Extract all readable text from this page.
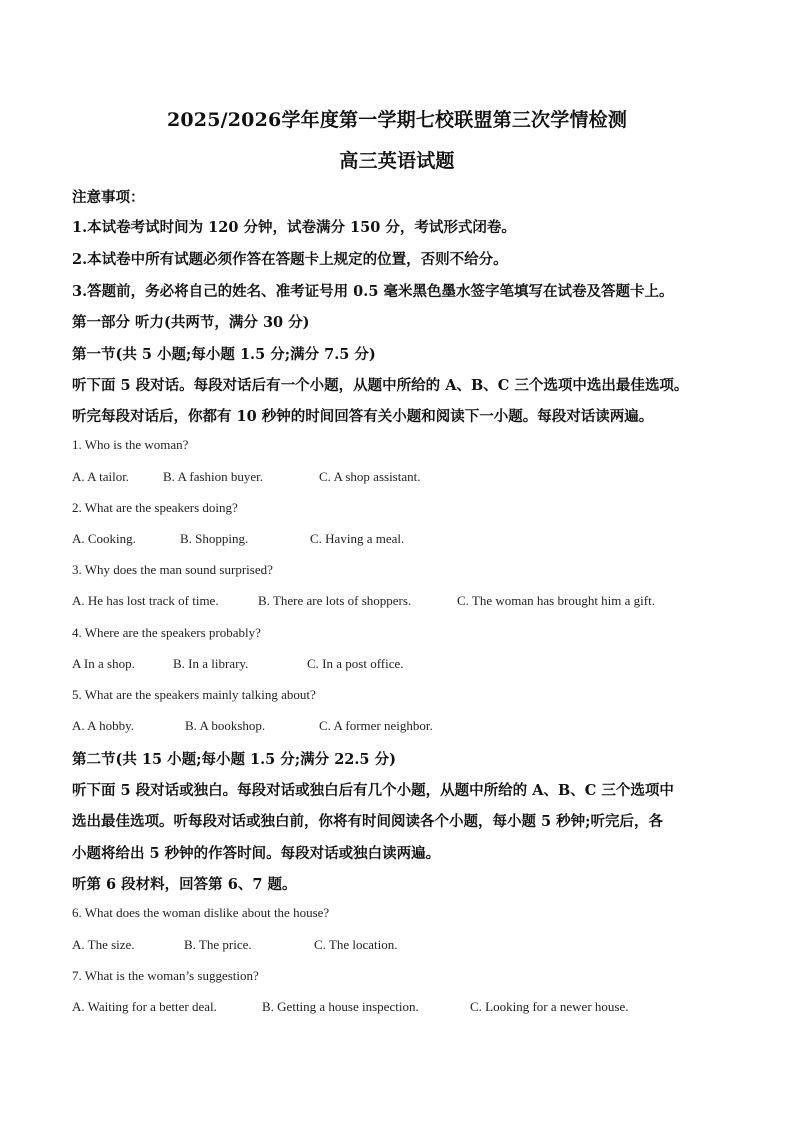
2025/2026学年度第一学期七校联盟第三次学情检测
高三英语试题
注意事项：
1.本试卷考试时间为 120 分钟，试卷满分 150 分，考试形式闭卷。
2.本试卷中所有试题必须作答在答题卡上规定的位置，否则不给分。
3.答题前，务必将自己的姓名、准考证号用 0.5 毫米黑色墨水签字笔填写在试卷及答题卡上。
第一部分 听力(共两节，满分 30 分)
第一节(共 5 小题;每小题 1.5 分;满分 7.5 分)
听下面 5 段对话。每段对话后有一个小题，从题中所给的 A、B、C 三个选项中选出最佳选项。
听完每段对话后，你都有 10 秒钟的时间回答有关小题和阅读下一小题。每段对话读两遍。
1. Who is the woman?
A. A tailor.	B. A fashion buyer.	C. A shop assistant.
2. What are the speakers doing?
A. Cooking.	B. Shopping.	C. Having a meal.
3. Why does the man sound surprised?
A. He has lost track of time.	B. There are lots of shoppers.	C. The woman has brought him a gift.
4. Where are the speakers probably?
A In a shop.	B. In a library.	C. In a post office.
5. What are the speakers mainly talking about?
A. A hobby.	B. A bookshop.	C. A former neighbor.
第二节(共 15 小题;每小题 1.5 分;满分 22.5 分)
听下面 5 段对话或独白。每段对话或独白后有几个小题，从题中所给的 A、B、C 三个选项中
选出最佳选项。听每段对话或独白前，你将有时间阅读各个小题，每小题 5 秒钟;听完后，各
小题将给出 5 秒钟的作答时间。每段对话或独白读两遍。
听第 6 段材料，回答第 6、7 题。
6. What does the woman dislike about the house?
A. The size.	B. The price.	C. The location.
7. What is the woman’s suggestion?
A. Waiting for a better deal.	B. Getting a house inspection.	C. Looking for a newer house.
